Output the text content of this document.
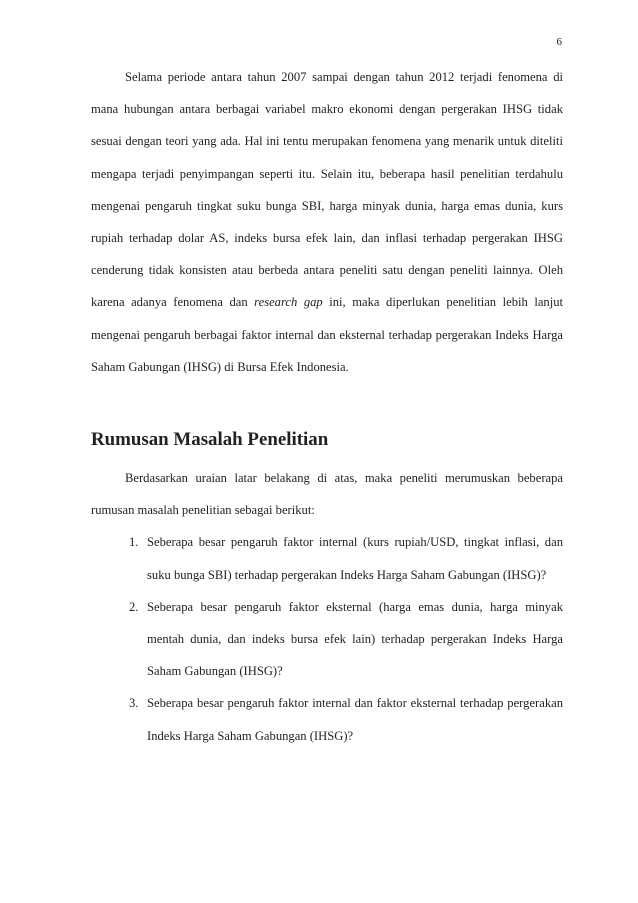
6

Selama periode antara tahun 2007 sampai dengan tahun 2012 terjadi fenomena di mana hubungan antara berbagai variabel makro ekonomi dengan pergerakan IHSG tidak sesuai dengan teori yang ada. Hal ini tentu merupakan fenomena yang menarik untuk diteliti mengapa terjadi penyimpangan seperti itu. Selain itu, beberapa hasil penelitian terdahulu mengenai pengaruh tingkat suku bunga SBI, harga minyak dunia, harga emas dunia, kurs rupiah terhadap dolar AS, indeks bursa efek lain, dan inflasi terhadap pergerakan IHSG cenderung tidak konsisten atau berbeda antara peneliti satu dengan peneliti lainnya. Oleh karena adanya fenomena dan research gap ini, maka diperlukan penelitian lebih lanjut mengenai pengaruh berbagai faktor internal dan eksternal terhadap pergerakan Indeks Harga Saham Gabungan (IHSG) di Bursa Efek Indonesia.

Rumusan Masalah Penelitian

Berdasarkan uraian latar belakang di atas, maka peneliti merumuskan beberapa rumusan masalah penelitian sebagai berikut:

1. Seberapa besar pengaruh faktor internal (kurs rupiah/USD, tingkat inflasi, dan suku bunga SBI) terhadap pergerakan Indeks Harga Saham Gabungan (IHSG)?
2. Seberapa besar pengaruh faktor eksternal (harga emas dunia, harga minyak mentah dunia, dan indeks bursa efek lain) terhadap pergerakan Indeks Harga Saham Gabungan (IHSG)?
3. Seberapa besar pengaruh faktor internal dan faktor eksternal terhadap pergerakan Indeks Harga Saham Gabungan (IHSG)?
